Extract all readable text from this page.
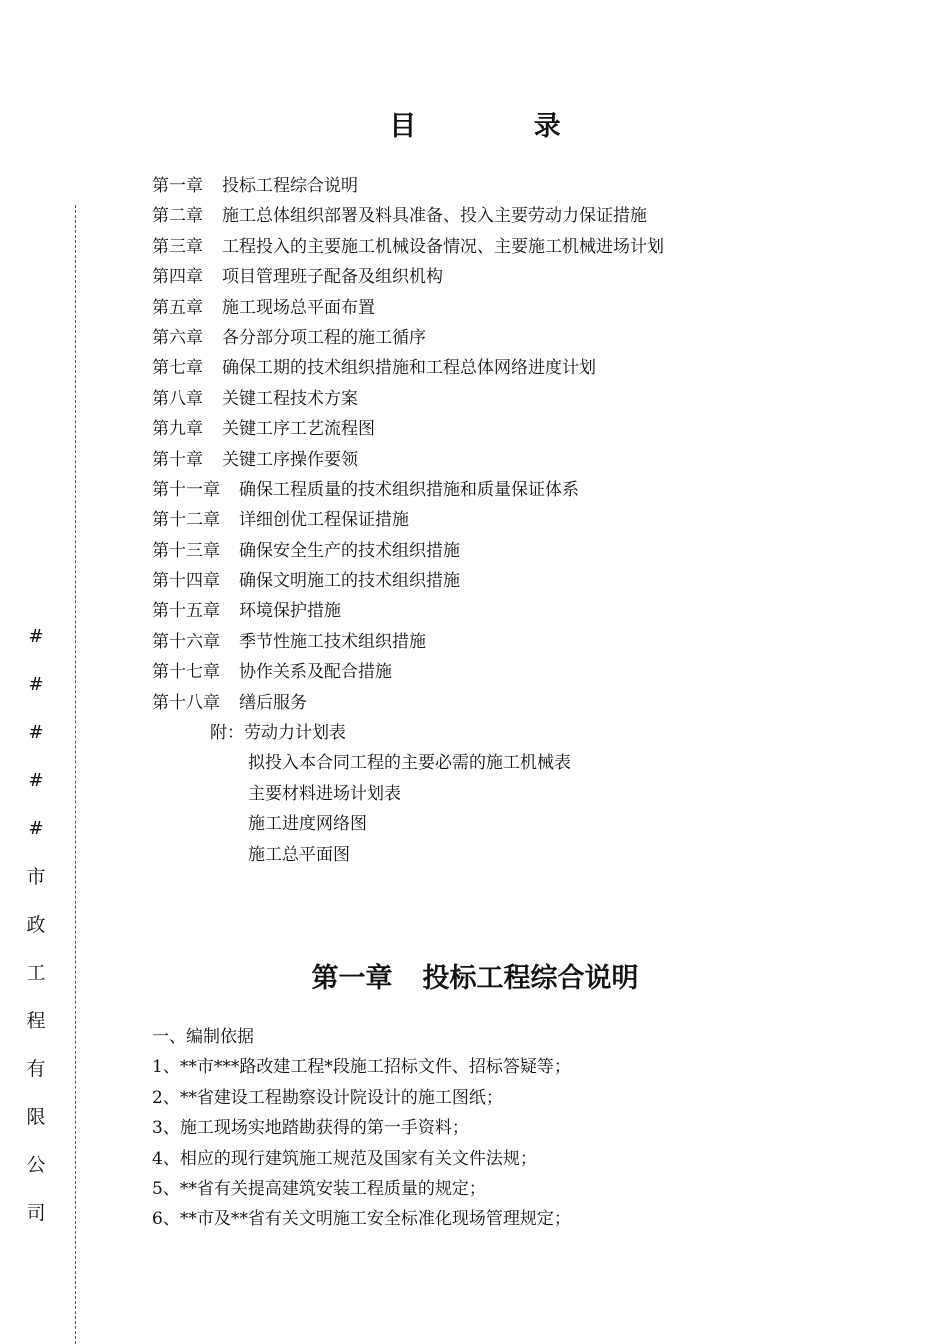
#
#
#
#
#
市
政
工
程
有
限
公
司
目 录
第一章 投标工程综合说明
第二章 施工总体组织部署及料具准备、投入主要劳动力保证措施
第三章 工程投入的主要施工机械设备情况、主要施工机械进场计划
第四章 项目管理班子配备及组织机构
第五章 施工现场总平面布置
第六章 各分部分项工程的施工循序
第七章 确保工期的技术组织措施和工程总体网络进度计划
第八章 关键工程技术方案
第九章 关键工序工艺流程图
第十章 关键工序操作要领
第十一章 确保工程质量的技术组织措施和质量保证体系
第十二章 详细创优工程保证措施
第十三章 确保安全生产的技术组织措施
第十四章 确保文明施工的技术组织措施
第十五章 环境保护措施
第十六章 季节性施工技术组织措施
第十七章 协作关系及配合措施
第十八章 缮后服务
附：劳动力计划表
拟投入本合同工程的主要必需的施工机械表
主要材料进场计划表
施工进度网络图
施工总平面图
第一章 投标工程综合说明
一、编制依据
1、**市***路改建工程*段施工招标文件、招标答疑等；
2、**省建设工程勘察设计院设计的施工图纸；
3、施工现场实地踏勘获得的第一手资料；
4、相应的现行建筑施工规范及国家有关文件法规；
5、**省有关提高建筑安装工程质量的规定；
6、**市及**省有关文明施工安全标准化现场管理规定；
